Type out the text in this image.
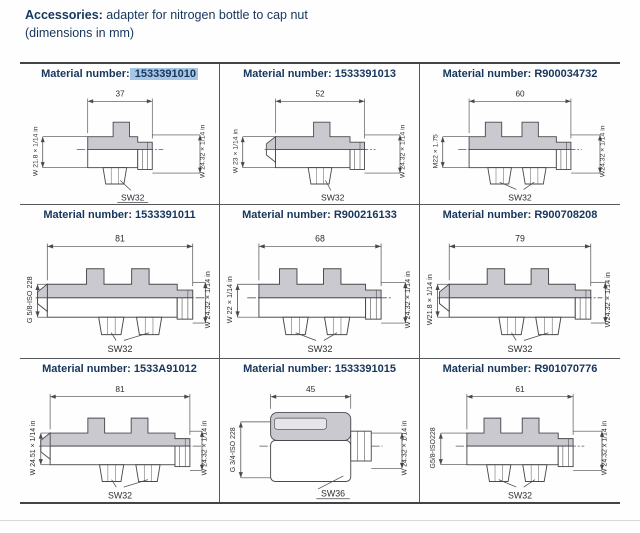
Accessories: adapter for nitrogen bottle to cap nut
(dimensions in mm)
Material number: 1533391010
37
W 21.8 × 1/14 in	W 24.32 × 1/14 in
SW32
Material number: 1533391013
52
W 23 × 1/14 in	W 24.32 × 1/14 in
SW32
Material number: R900034732
60
M22 × 1.75	W24.32 × 1/14 in
SW32
Material number: 1533391011
81
G 5/8-ISO 228	W 24.32 × 1/14 in
SW32
Material number: R900216133
68
W 22 × 1/14 in	W 24.32 × 1/14 in
SW32
Material number: R900708208
79
W21.8 × 1/14 in	W24.32 × 1/14 in
SW32
Material number: 1533A91012
81
W 24.51 × 1/14 in	W 24.32 × 1/14 in
SW32
Material number: 1533391015
45
G 3/4-ISO 228	W 24.32 × 1/14 in
SW36
Material number: R901070776
61
G5/8-ISO228	W 24.32 x 1/14 in
SW32
